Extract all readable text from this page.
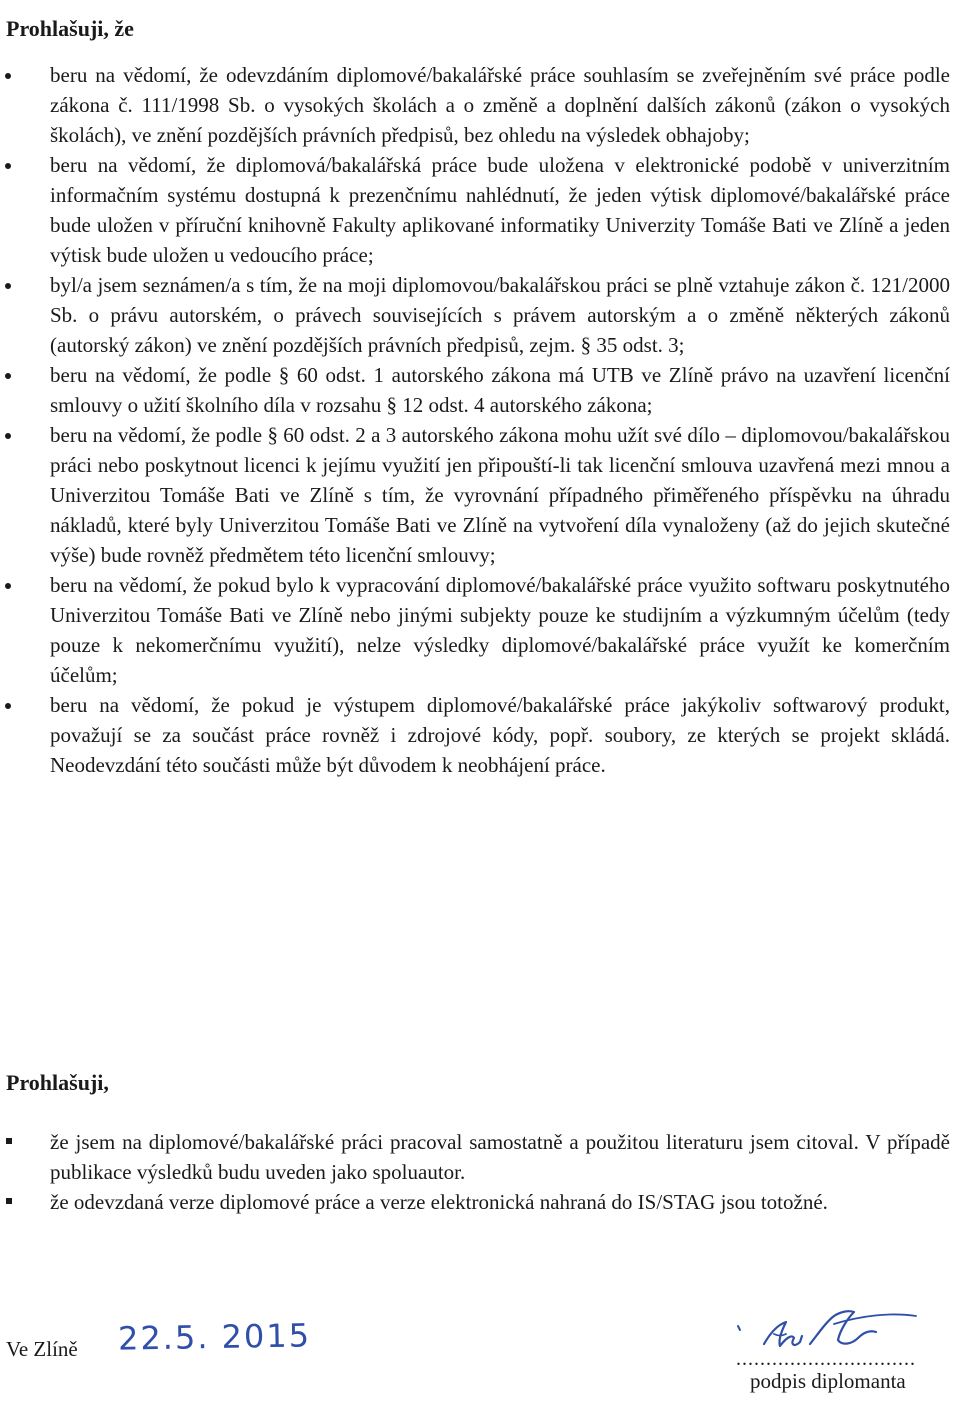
Prohlašuji, že
beru na vědomí, že odevzdáním diplomové/bakalářské práce souhlasím se zveřejněním své práce podle zákona č. 111/1998 Sb. o vysokých školách a o změně a doplnění dalších zákonů (zákon o vysokých školách), ve znění pozdějších právních předpisů, bez ohledu na výsledek obhajoby;
beru na vědomí, že diplomová/bakalářská práce bude uložena v elektronické podobě v univerzitním informačním systému dostupná k prezenčnímu nahlédnutí, že jeden výtisk diplomové/bakalářské práce bude uložen v příruční knihovně Fakulty aplikované informatiky Univerzity Tomáše Bati ve Zlíně a jeden výtisk bude uložen u vedoucího práce;
byl/a jsem seznámen/a s tím, že na moji diplomovou/bakalářskou práci se plně vztahuje zákon č. 121/2000 Sb. o právu autorském, o právech souvisejících s právem autorským a o změně některých zákonů (autorský zákon) ve znění pozdějších právních předpisů, zejm. § 35 odst. 3;
beru na vědomí, že podle § 60 odst. 1 autorského zákona má UTB ve Zlíně právo na uzavření licenční smlouvy o užití školního díla v rozsahu § 12 odst. 4 autorského zákona;
beru na vědomí, že podle § 60 odst. 2 a 3 autorského zákona mohu užít své dílo – diplomovou/bakalářskou práci nebo poskytnout licenci k jejímu využití jen připouští-li tak licenční smlouva uzavřená mezi mnou a Univerzitou Tomáše Bati ve Zlíně s tím, že vyrovnání případného přiměřeného příspěvku na úhradu nákladů, které byly Univerzitou Tomáše Bati ve Zlíně na vytvoření díla vynaloženy (až do jejich skutečné výše) bude rovněž předmětem této licenční smlouvy;
beru na vědomí, že pokud bylo k vypracování diplomové/bakalářské práce využito softwaru poskytnutého Univerzitou Tomáše Bati ve Zlíně nebo jinými subjekty pouze ke studijním a výzkumným účelům (tedy pouze k nekomerčnímu využití), nelze výsledky diplomové/bakalářské práce využít ke komerčním účelům;
beru na vědomí, že pokud je výstupem diplomové/bakalářské práce jakýkoliv softwarový produkt, považují se za součást práce rovněž i zdrojové kódy, popř. soubory, ze kterých se projekt skládá. Neodevzdání této součásti může být důvodem k neobhájení práce.
Prohlašuji,
že jsem na diplomové/bakalářské práci pracoval samostatně a použitou literaturu jsem citoval. V případě publikace výsledků budu uveden jako spoluautor.
že odevzdaná verze diplomové práce a verze elektronická nahraná do IS/STAG jsou totožné.
Ve Zlíně 22.5. 2015
..............................
podpis diplomanta
